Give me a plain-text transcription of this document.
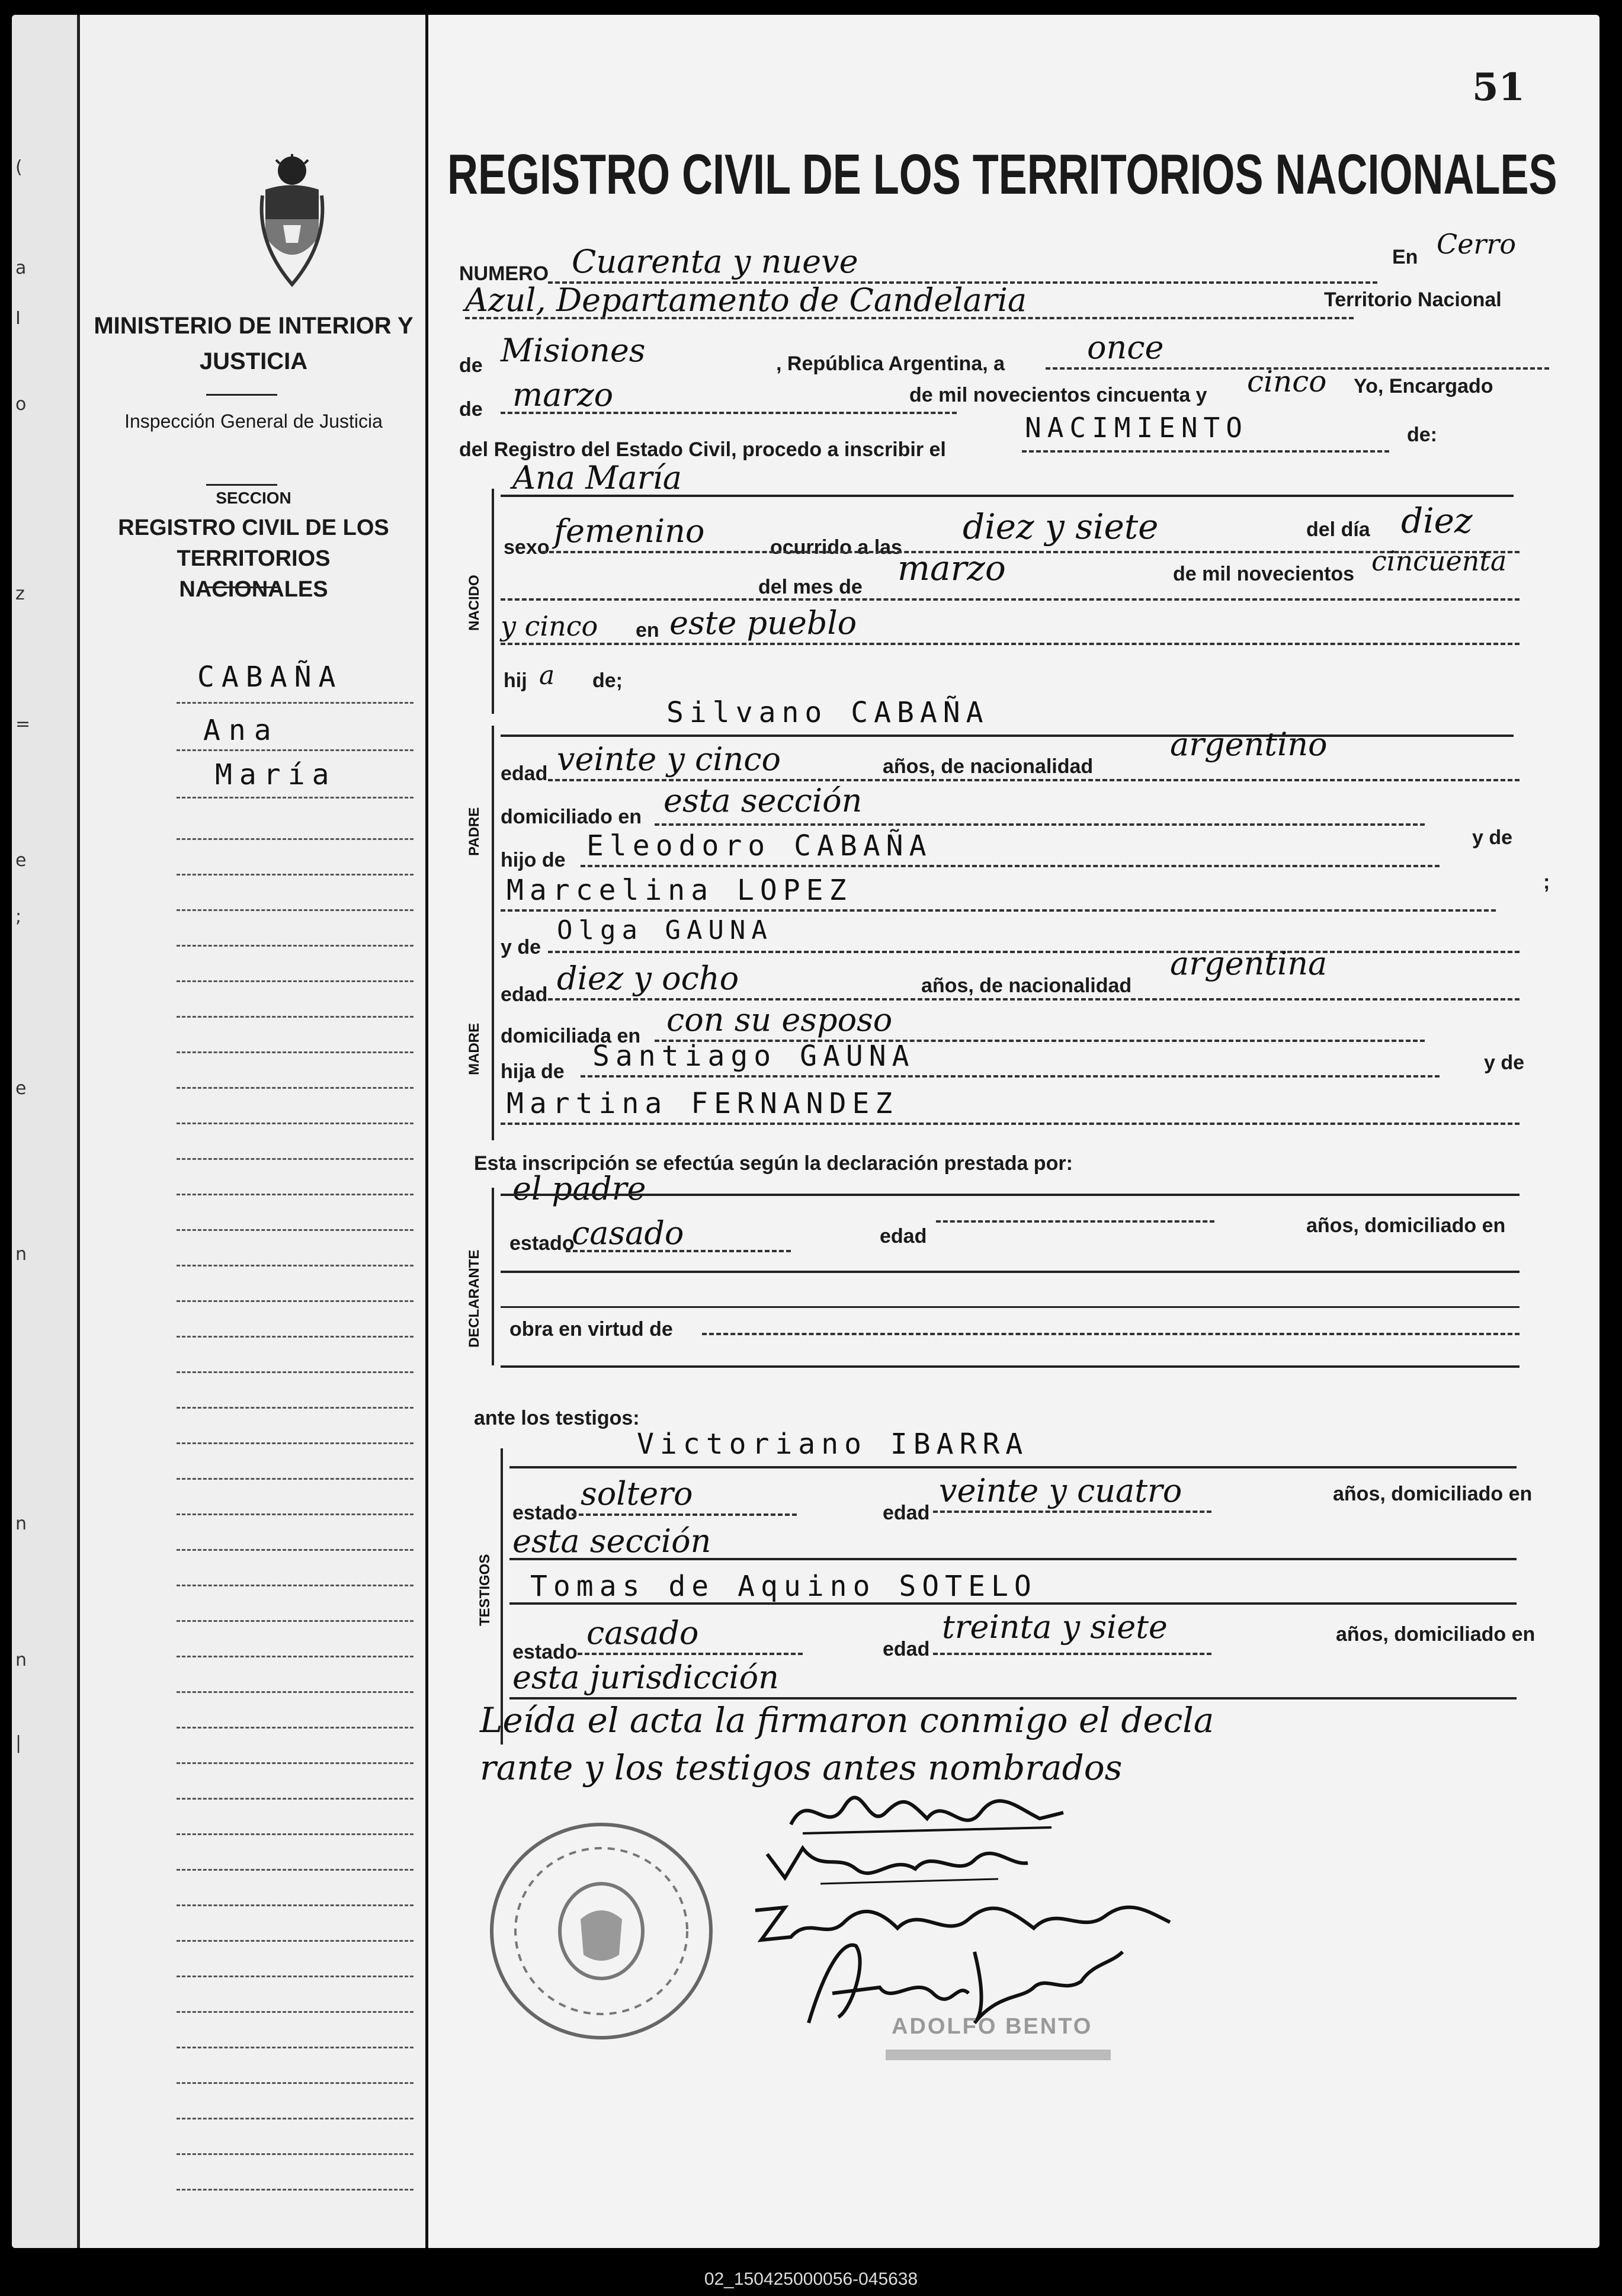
(
a
I
o
z
=
e
;
e
n
n
n
|
MINISTERIO DE INTERIOR Y JUSTICIA
Inspección General de Justicia
SECCION
REGISTRO CIVIL DE LOS TERRITORIOS NACIONALES
CABAÑA
Ana
María
51
REGISTRO CIVIL DE LOS TERRITORIOS NACIONALES
NUMERO Cuarenta y nueve	En Cerro
Azul, Departamento de Candelaria	Territorio Nacional
de Misiones	, República Argentina, a	once
de marzo	de mil novecientos cincuenta y cinco Yo, Encargado
del Registro del Estado Civil, procedo a inscribir el
NACIMIENTO	de:
NACIDO
Ana María
sexo femenino	ocurrido a las
diez y siete	del día diez
del mes de marzo	de mil novecientos cincuenta
y cinco en este pueblo
hij a de;
PADRE
Silvano CABAÑA
edad veinte y cinco	años, de nacionalidad
argentino
domiciliado en esta sección
hijo de Eleodoro CABAÑA	y de
Marcelina LOPEZ	;
MADRE
y de
Olga GAUNA
edad diez y ocho	años, de nacionalidad
argentina
domiciliada en con su esposo
hija de Santiago GAUNA	y de
Martina FERNANDEZ
Esta inscripción se efectúa según la declaración prestada por:
el padre
DECLARANTE
estado
casado	edad	años, domiciliado en
obra en virtud de
ante los testigos:
TESTIGOS
Victoriano IBARRA
estado
soltero
edad
veinte y cuatro	años, domiciliado en
esta sección
Tomas de Aquino SOTELO
estado
casado	edad
treinta y siete	años, domiciliado en
esta jurisdicción
Leída el acta la firmaron conmigo el decla
rante y los testigos antes nombrados
ADOLFO BENTO
02_150425000056-045638
